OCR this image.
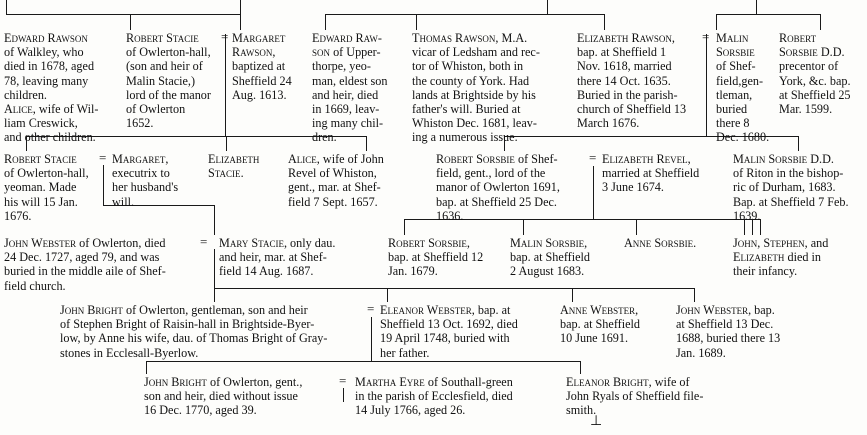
Edward Rawson
of Walkley, who
died in 1678, aged
78, leaving many
children.
Alice, wife of Wil-
liam Creswick,
and other children.
Robert Stacie
of Owlerton-hall,
(son and heir of
Malin Stacie,)
lord of the manor
of Owlerton
1652.
Margaret
Rawson,
baptized at
Sheffield 24
Aug. 1613.
Edward Raw-
son of Upper-
thorpe, yeo-
man, eldest son
and heir, died
in 1669, leav-
ing many chil-
dren.
Thomas Rawson, M.A.
vicar of Ledsham and rec-
tor of Whiston, both in
the county of York. Had
lands at Brightside by his
father's will. Buried at
Whiston Dec. 1681, leav-
ing a numerous issue.
Elizabeth Rawson,
bap. at Sheffield 1
Nov. 1618, married
there 14 Oct. 1635.
Buried in the parish-
church of Sheffield 13
March 1676.
Malin
Sorsbie
of Shef-
field,gen-
tleman,
buried
there 8
Dec. 1680.
Robert
Sorsbie D.D.
precentor of
York, &c. bap.
at Sheffield 25
Mar. 1599.
Robert Stacie
of Owlerton-hall,
yeoman. Made
his will 15 Jan.
1676.
Margaret,
executrix to
her husband's
will.
Elizabeth
Stacie.
Alice, wife of John
Revel of Whiston,
gent., mar. at Shef-
field 7 Sept. 1657.
Robert Sorsbie of Shef-
field, gent., lord of the
manor of Owlerton 1691,
bap. at Sheffield 25 Dec.
1636.
Elizabeth Revel,
married at Sheffield
3 June 1674.
Malin Sorsbie D.D.
of Riton in the bishop-
ric of Durham, 1683.
Bap. at Sheffield 7 Feb.
1639.
John Webster of Owlerton, died
24 Dec. 1727, aged 79, and was
buried in the middle aile of Shef-
field church.
Mary Stacie, only dau.
and heir, mar. at Shef-
field 14 Aug. 1687.
Robert Sorsbie,
bap. at Sheffield 12
Jan. 1679.
Malin Sorsbie,
bap. at Sheffield
2 August 1683.
Anne Sorsbie.	John, Stephen, and
Elizabeth died in
their infancy.
John Bright of Owlerton, gentleman, son and heir
of Stephen Bright of Raisin-hall in Brightside-Byer-
low, by Anne his wife, dau. of Thomas Bright of Gray-
stones in Ecclesall-Byerlow.
Eleanor Webster, bap. at
Sheffield 13 Oct. 1692, died
19 April 1748, buried with
her father.
Anne Webster,
bap. at Sheffield
10 June 1691.
John Webster, bap.
at Sheffield 13 Dec.
1688, buried there 13
Jan. 1689.
John Bright of Owlerton, gent.,
son and heir, died without issue
16 Dec. 1770, aged 39.
Martha Eyre of Southall-green
in the parish of Ecclesfield, died
14 July 1766, aged 26.
Eleanor Bright, wife of
John Ryals of Sheffield file-
smith.
=	=
=	=
=
=
=
⊥
